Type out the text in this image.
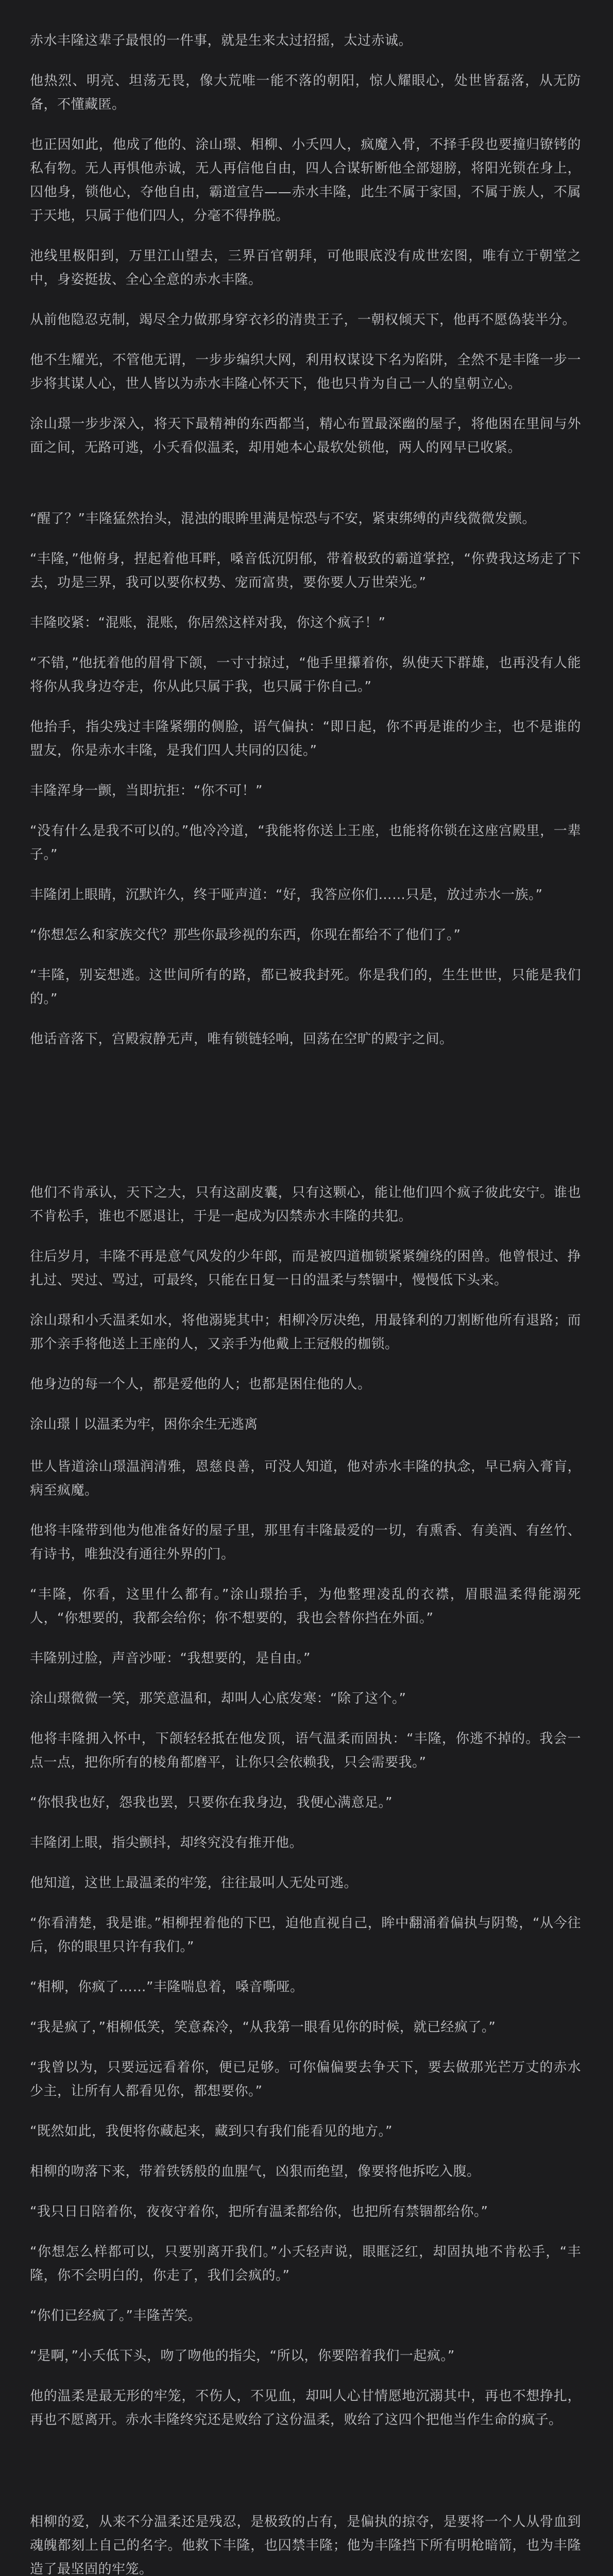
赤水丰隆这辈子最恨的一件事，就是生来太过招摇，太过赤诚。

他热烈、明亮、坦荡无畏，像大荒唯一能不落的朝阳，惊人耀眼心，处世皆磊落，从无防备，不懂藏匿。

也正因如此，他成了他的、涂山璟、相柳、小夭四人，疯魔入骨，不择手段也要撞归镣铐的私有物。无人再惧他赤诚，无人再信他自由，四人合谋斩断他全部翅膀，将阳光锁在身上，囚他身，锁他心，夺他自由，霸道宣告——赤水丰隆，此生不属于家国，不属于族人，不属于天地，只属于他们四人，分毫不得挣脱。

池线里极阳到，万里江山望去，三界百官朝拜，可他眼底没有成世宏图，唯有立于朝堂之中，身姿挺拔、全心全意的赤水丰隆。

从前他隐忍克制，竭尽全力做那身穿衣衫的清贵王子，一朝权倾天下，他再不愿偽装半分。

他不生耀光，不管他无谓，一步步编织大网，利用权谋设下名为陷阱，全然不是丰隆一步一步将其谋人心，世人皆以为赤水丰隆心怀天下，他也只肯为自己一人的皇朝立心。

涂山璟一步步深入，将天下最精神的东西都当，精心布置最深幽的屋子，将他困在里间与外面之间，无路可逃，小夭看似温柔，却用她本心最软处锁他，两人的网早已收紧。

“醒了？”丰隆猛然抬头，混浊的眼眸里满是惊恐与不安，紧束绑缚的声线微微发颤。

“丰隆，”他俯身，捏起着他耳畔，嗓音低沉阴郁，带着极致的霸道掌控，“你费我这场走了下去，功是三界，我可以要你权势、宠而富贵，要你要人万世荣光。”

丰隆咬紧：“混账，混账，你居然这样对我，你这个疯子！”

“不错，”他抚着他的眉骨下颌，一寸寸掠过，“他手里攥着你，纵使天下群雄，也再没有人能将你从我身边夺走，你从此只属于我，也只属于你自己。”

他抬手，指尖残过丰隆紧绷的侧脸，语气偏执：“即日起，你不再是谁的少主，也不是谁的盟友，你是赤水丰隆，是我们四人共同的囚徒。”

丰隆浑身一颤，当即抗拒：“你不可！”

“没有什么是我不可以的。”他冷冷道，“我能将你送上王座，也能将你锁在这座宫殿里，一辈子。”

丰隆闭上眼睛，沉默许久，终于哑声道：“好，我答应你们……只是，放过赤水一族。”

“你想怎么和家族交代？那些你最珍视的东西，你现在都给不了他们了。”

“丰隆，别妄想逃。这世间所有的路，都已被我封死。你是我们的，生生世世，只能是我们的。”

他话音落下，宫殿寂静无声，唯有锁链轻响，回荡在空旷的殿宇之间。

他们不肯承认，天下之大，只有这副皮囊，只有这颗心，能让他们四个疯子彼此安宁。谁也不肯松手，谁也不愿退让，于是一起成为囚禁赤水丰隆的共犯。

往后岁月，丰隆不再是意气风发的少年郎，而是被四道枷锁紧紧缠绕的困兽。他曾恨过、挣扎过、哭过、骂过，可最终，只能在日复一日的温柔与禁锢中，慢慢低下头来。

涂山璟和小夭温柔如水，将他溺毙其中；相柳冷厉决绝，用最锋利的刀割断他所有退路；而那个亲手将他送上王座的人，又亲手为他戴上王冠般的枷锁。

他身边的每一个人，都是爱他的人；也都是困住他的人。

涂山璟丨以温柔为牢，困你余生无逃离

世人皆道涂山璟温润清雅，恩慈良善，可没人知道，他对赤水丰隆的执念，早已病入膏肓，病至疯魔。

他将丰隆带到他为他准备好的屋子里，那里有丰隆最爱的一切，有熏香、有美酒、有丝竹、有诗书，唯独没有通往外界的门。

“丰隆，你看，这里什么都有。”涂山璟抬手，为他整理凌乱的衣襟，眉眼温柔得能溺死人，“你想要的，我都会给你；你不想要的，我也会替你挡在外面。”

丰隆别过脸，声音沙哑：“我想要的，是自由。”

涂山璟微微一笑，那笑意温和，却叫人心底发寒：“除了这个。”

他将丰隆拥入怀中，下颌轻轻抵在他发顶，语气温柔而固执：“丰隆，你逃不掉的。我会一点一点，把你所有的棱角都磨平，让你只会依赖我，只会需要我。”

“你恨我也好，怨我也罢，只要你在我身边，我便心满意足。”

丰隆闭上眼，指尖颤抖，却终究没有推开他。

他知道，这世上最温柔的牢笼，往往最叫人无处可逃。

“你看清楚，我是谁。”相柳捏着他的下巴，迫他直视自己，眸中翻涌着偏执与阴鸷，“从今往后，你的眼里只许有我们。”

“相柳，你疯了……”丰隆喘息着，嗓音嘶哑。

“我是疯了，”相柳低笑，笑意森冷，“从我第一眼看见你的时候，就已经疯了。”

“我曾以为，只要远远看着你，便已足够。可你偏偏要去争天下，要去做那光芒万丈的赤水少主，让所有人都看见你，都想要你。”

“既然如此，我便将你藏起来，藏到只有我们能看见的地方。”

相柳的吻落下来，带着铁锈般的血腥气，凶狠而绝望，像要将他拆吃入腹。

“我只日日陪着你，夜夜守着你，把所有温柔都给你，也把所有禁锢都给你。”

“你想怎么样都可以，只要别离开我们。”小夭轻声说，眼眶泛红，却固执地不肯松手，“丰隆，你不会明白的，你走了，我们会疯的。”

“你们已经疯了。”丰隆苦笑。

“是啊，”小夭低下头，吻了吻他的指尖，“所以，你要陪着我们一起疯。”

他的温柔是最无形的牢笼，不伤人，不见血，却叫人心甘情愿地沉溺其中，再也不想挣扎，再也不愿离开。赤水丰隆终究还是败给了这份温柔，败给了这四个把他当作生命的疯子。

相柳的爱，从来不分温柔还是残忍，是极致的占有，是偏执的掠夺，是要将一个人从骨血到魂魄都刻上自己的名字。他救下丰隆，也囚禁丰隆；他为丰隆挡下所有明枪暗箭，也为丰隆造了最坚固的牢笼。
